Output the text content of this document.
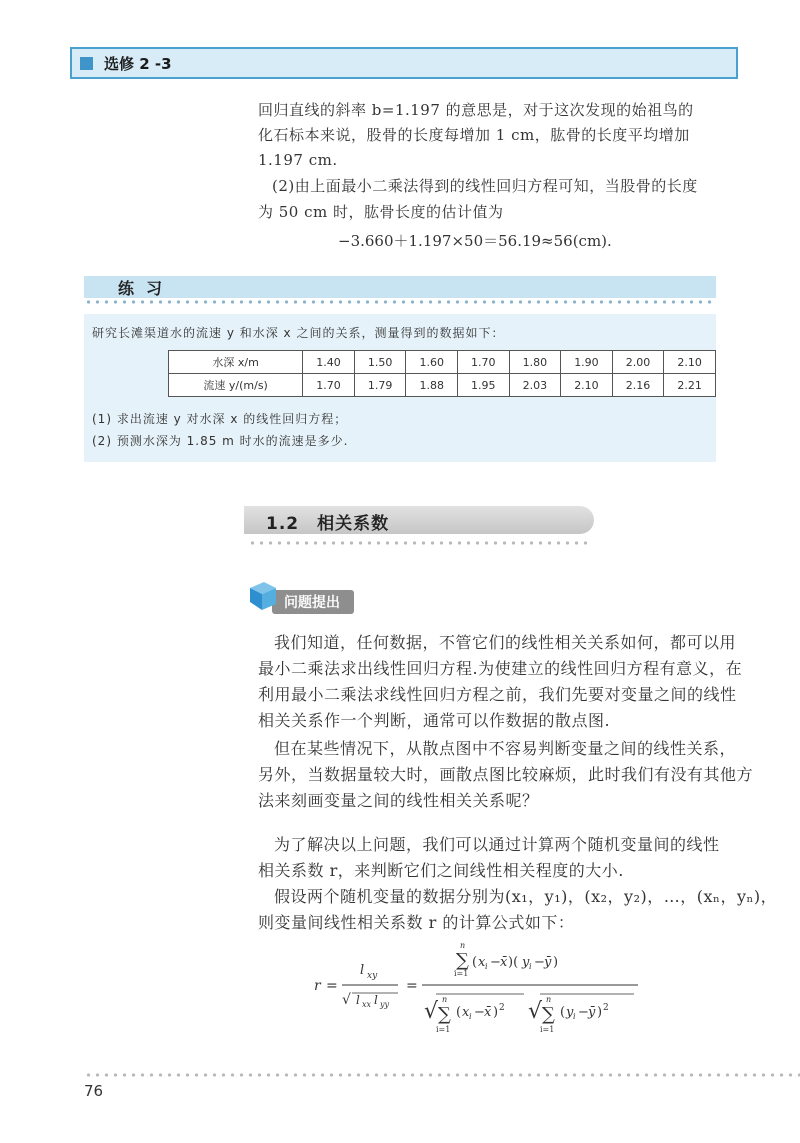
选修 2 -3
回归直线的斜率 b=1.197 的意思是，对于这次发现的始祖鸟的
化石标本来说，股骨的长度每增加 1 cm，肱骨的长度平均增加
1.197 cm.
(2)由上面最小二乘法得到的线性回归方程可知，当股骨的长度
为 50 cm 时，肱骨长度的估计值为
−3.660＋1.197×50＝56.19≈56(cm).
练习
研究长滩渠道水的流速 y 和水深 x 之间的关系，测量得到的数据如下：
水深 x/m	1.40	1.50	1.60	1.70	1.80	1.90	2.00	2.10
流速 y/(m/s)	1.70	1.79	1.88	1.95	2.03	2.10	2.16	2.21
(1) 求出流速 y 对水深 x 的线性回归方程；
(2) 预测水深为 1.85 m 时水的流速是多少.
1.2　相关系数
问题提出
我们知道，任何数据，不管它们的线性相关关系如何，都可以用
最小二乘法求出线性回归方程.为使建立的线性回归方程有意义，在
利用最小二乘法求线性回归方程之前，我们先要对变量之间的线性
相关关系作一个判断，通常可以作数据的散点图.
但在某些情况下，从散点图中不容易判断变量之间的线性关系，
另外，当数据量较大时，画散点图比较麻烦，此时我们有没有其他方
法来刻画变量之间的线性相关关系呢？
为了解决以上问题，我们可以通过计算两个随机变量间的线性
相关系数 r，来判断它们之间线性相关程度的大小.
假设两个随机变量的数据分别为(x₁，y₁)，(x₂，y₂)，…，(xₙ，yₙ)，
则变量间线性相关系数 r 的计算公式如下：
r =
l xy
√ l xx l yy
=
n
∑
i=1
( x i − x̄ )( y i − ȳ )
√ n
∑
i=1
( x i − x̄ ) 2 √ n
∑
i=1
( y i − ȳ ) 2
76
